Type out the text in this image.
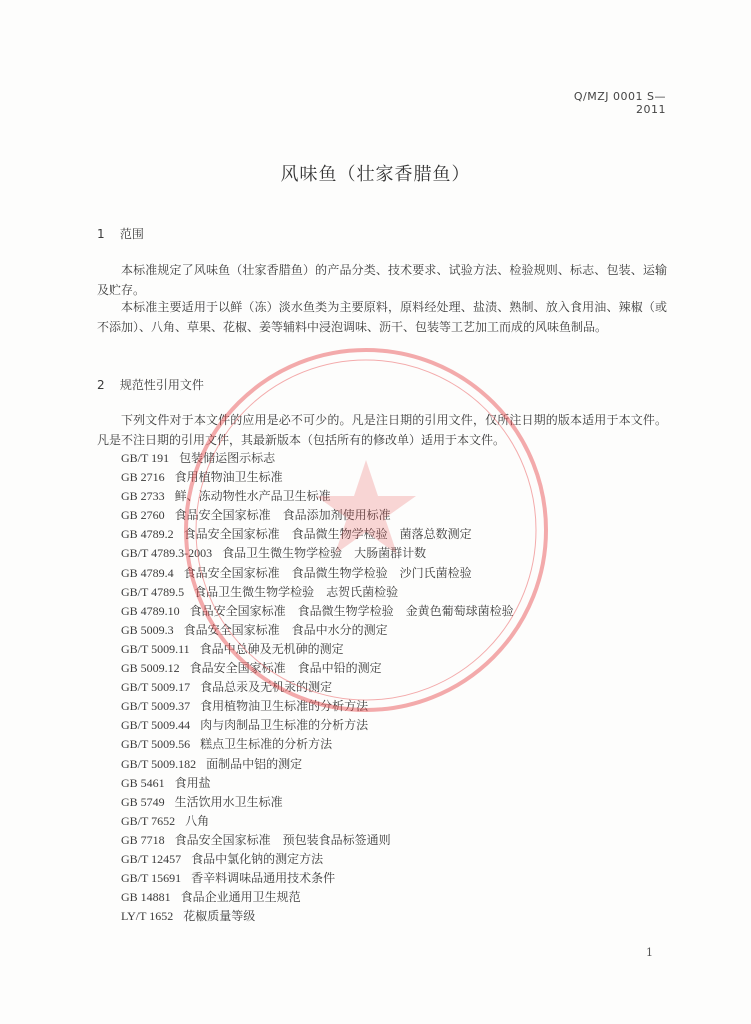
Q/MZJ 0001 S—2011
风味鱼（壮家香腊鱼）
1 范围
本标准规定了风味鱼（壮家香腊鱼）的产品分类、技术要求、试验方法、检验规则、标志、包装、运输及贮存。
本标准主要适用于以鲜（冻）淡水鱼类为主要原料，原料经处理、盐渍、熟制、放入食用油、辣椒（或不添加）、八角、草果、花椒、姜等辅料中浸泡调味、沥干、包装等工艺加工而成的风味鱼制品。
2 规范性引用文件
下列文件对于本文件的应用是必不可少的。凡是注日期的引用文件，仅所注日期的版本适用于本文件。凡是不注日期的引用文件，其最新版本（包括所有的修改单）适用于本文件。
GB/T 191 包装储运图示标志
GB 2716 食用植物油卫生标准
GB 2733 鲜、冻动物性水产品卫生标准
GB 2760 食品安全国家标准　食品添加剂使用标准
GB 4789.2 食品安全国家标准　食品微生物学检验　菌落总数测定
GB/T 4789.3-2003 食品卫生微生物学检验　大肠菌群计数
GB 4789.4 食品安全国家标准　食品微生物学检验　沙门氏菌检验
GB/T 4789.5 食品卫生微生物学检验　志贺氏菌检验
GB 4789.10 食品安全国家标准　食品微生物学检验　金黄色葡萄球菌检验
GB 5009.3 食品安全国家标准　食品中水分的测定
GB/T 5009.11 食品中总砷及无机砷的测定
GB 5009.12 食品安全国家标准　食品中铅的测定
GB/T 5009.17 食品总汞及无机汞的测定
GB/T 5009.37 食用植物油卫生标准的分析方法
GB/T 5009.44 肉与肉制品卫生标准的分析方法
GB/T 5009.56 糕点卫生标准的分析方法
GB/T 5009.182 面制品中铝的测定
GB 5461 食用盐
GB 5749 生活饮用水卫生标准
GB/T 7652 八角
GB 7718 食品安全国家标准　预包装食品标签通则
GB/T 12457 食品中氯化钠的测定方法
GB/T 15691 香辛料调味品通用技术条件
GB 14881 食品企业通用卫生规范
LY/T 1652 花椒质量等级
1
